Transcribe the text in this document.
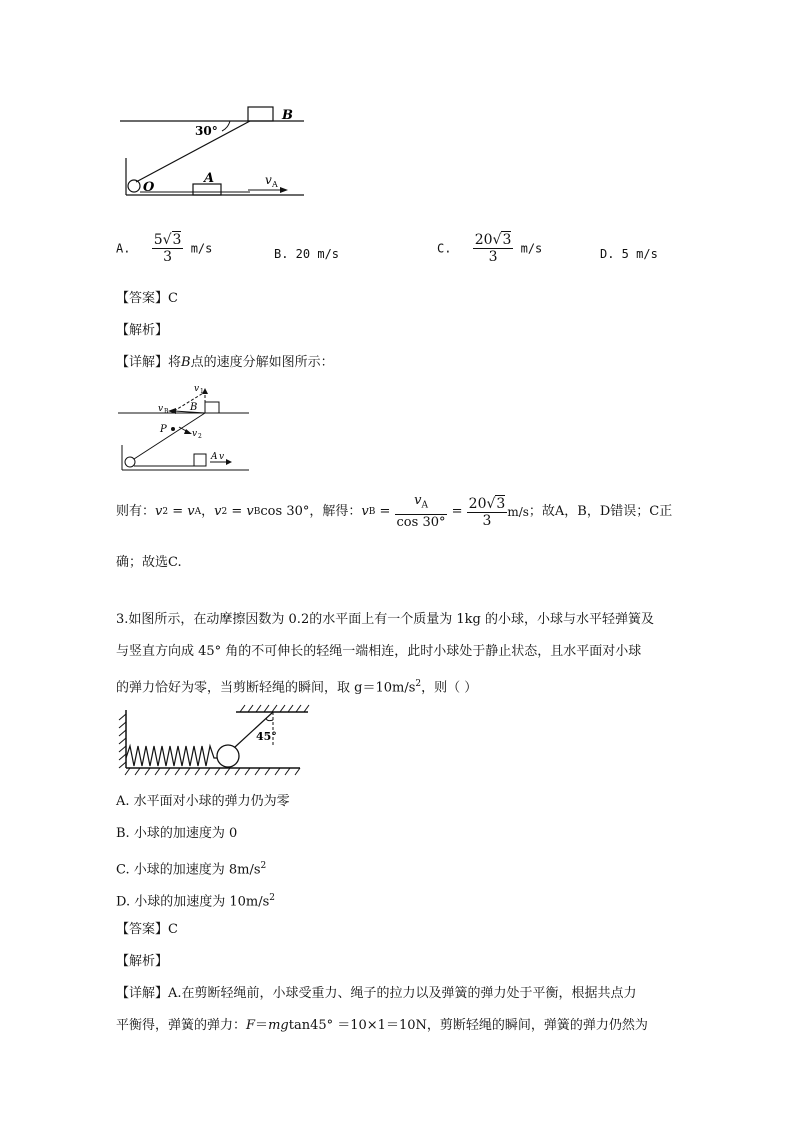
B
O
A
30°
v A
A. $\frac{5√3}{3} m/s$	B. 20 m/s	C. $\frac{20√3}{3} m/s$	D. 5 m/s
【答案】C
【解析】
【详解】将B点的速度分解如图所示：
v 1
v B B
P	v 2
A v
则有： v 2 = v A ， v 2 = v B cos 30° ，解得： v $B = \frac{v_A}{\cos 30^\circ} = \frac{20√3}{3} m/s$ ；故A，B，D错误；C正
确；故选C.
3.如图所示，在动摩擦因数为 0.2的水平面上有一个质量为 1kg 的小球，小球与水平轻弹簧及
与竖直方向成 45° 角的不可伸长的轻绳一端相连，此时小球处于静止状态，且水平面对小球
的弹力恰好为零，当剪断轻绳的瞬间，取 $g=10m/s^2$，则（ ）
45°
A. 水平面对小球的弹力仍为零
B. 小球的加速度为 0
C. 小球的加速度为 $8m/s^2$
D. 小球的加速度为 $10m/s^2$
【答案】C
【解析】
【详解】A.在剪断轻绳前，小球受重力、绳子的拉力以及弹簧的弹力处于平衡，根据共点力
平衡得，弹簧的弹力：F＝mgtan45° ＝10×1＝10N，剪断轻绳的瞬间，弹簧的弹力仍然为
